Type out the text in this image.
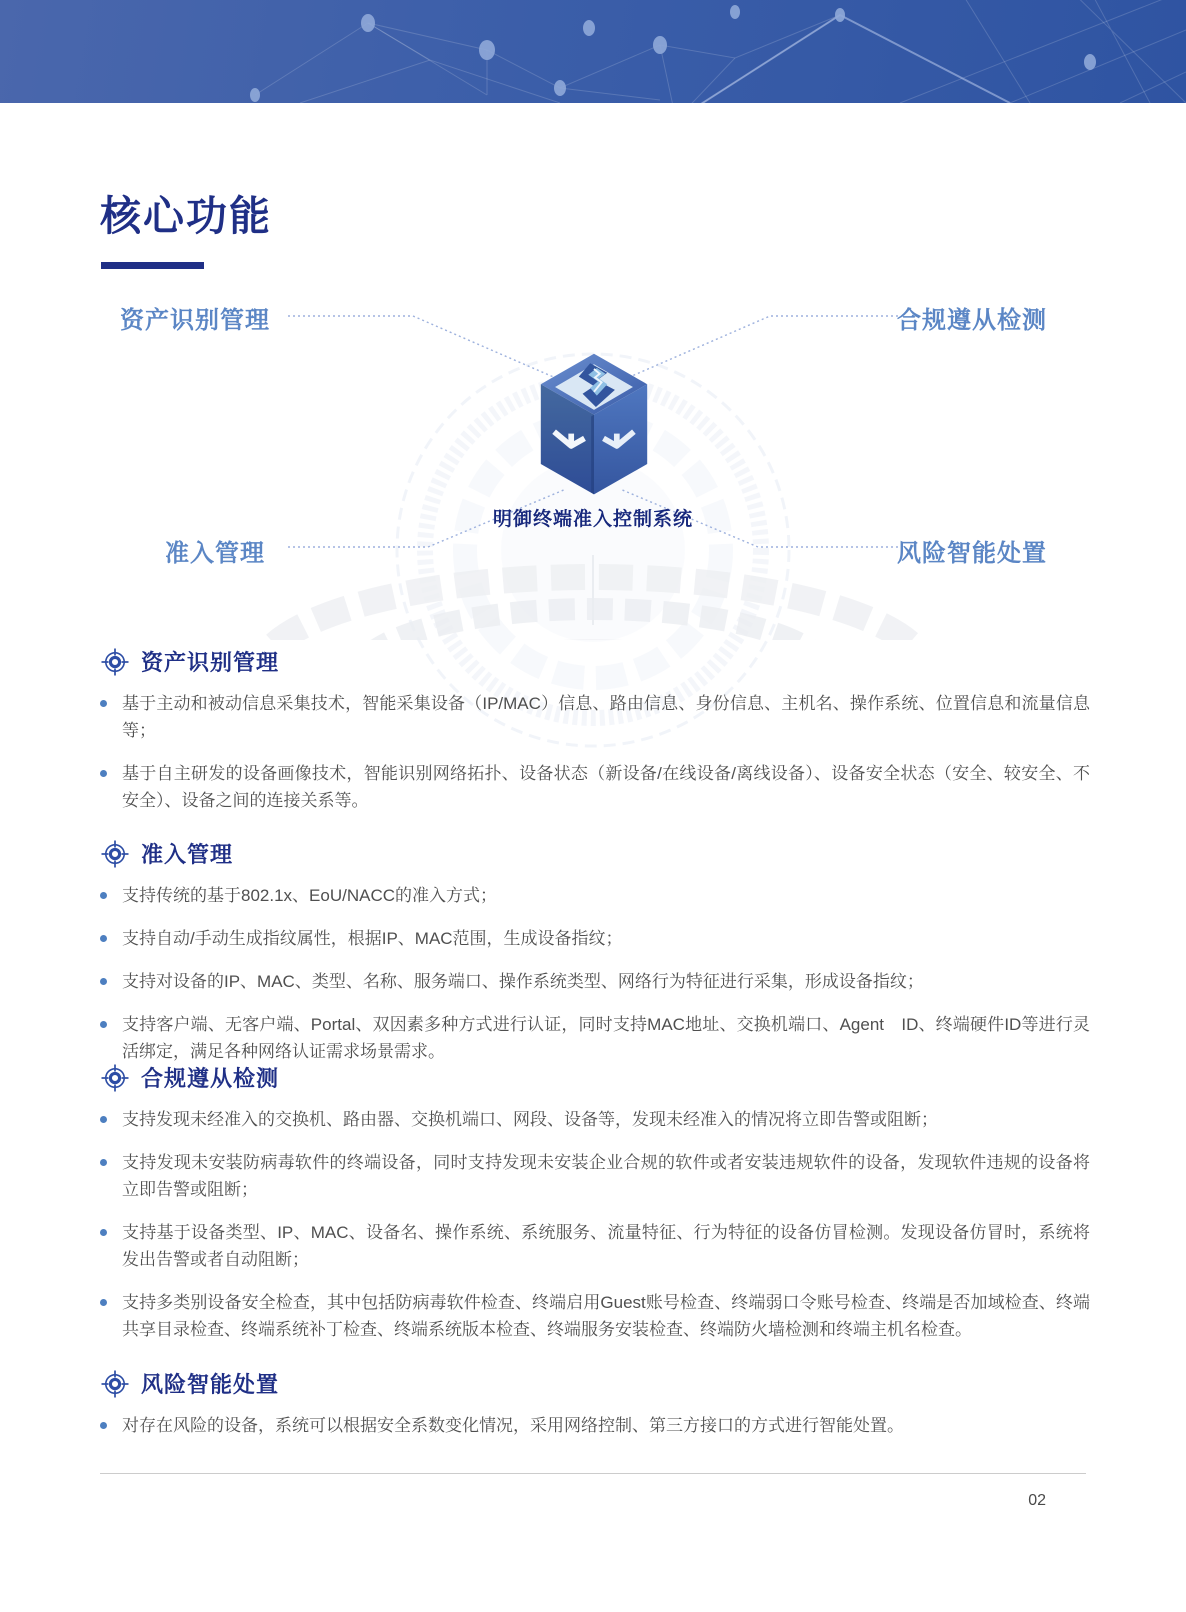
核心功能
资产识别管理	合规遵从检测
准入管理	风险智能处置
明御终端准入控制系统
资产识别管理
基于主动和被动信息采集技术，智能采集设备（IP/MAC）信息、路由信息、身份信息、主机名、操作系统、位置信息和流量信息等；
基于自主研发的设备画像技术，智能识别网络拓扑、设备状态（新设备/在线设备/离线设备）、设备安全状态（安全、较安全、不安全）、设备之间的连接关系等。
准入管理
支持传统的基于802.1x、EoU/NACC的准入方式；
支持自动/手动生成指纹属性，根据IP、MAC范围，生成设备指纹；
支持对设备的IP、MAC、类型、名称、服务端口、操作系统类型、网络行为特征进行采集，形成设备指纹；
支持客户端、无客户端、Portal、双因素多种方式进行认证，同时支持MAC地址、交换机端口、Agent　ID、终端硬件ID等进行灵活绑定，满足各种网络认证需求场景需求。
合规遵从检测
支持发现未经准入的交换机、路由器、交换机端口、网段、设备等，发现未经准入的情况将立即告警或阻断；
支持发现未安装防病毒软件的终端设备，同时支持发现未安装企业合规的软件或者安装违规软件的设备，发现软件违规的设备将立即告警或阻断；
支持基于设备类型、IP、MAC、设备名、操作系统、系统服务、流量特征、行为特征的设备仿冒检测。发现设备仿冒时，系统将发出告警或者自动阻断；
支持多类别设备安全检查，其中包括防病毒软件检查、终端启用Guest账号检查、终端弱口令账号检查、终端是否加域检查、终端共享目录检查、终端系统补丁检查、终端系统版本检查、终端服务安装检查、终端防火墙检测和终端主机名检查。
风险智能处置
对存在风险的设备，系统可以根据安全系数变化情况，采用网络控制、第三方接口的方式进行智能处置。
02
